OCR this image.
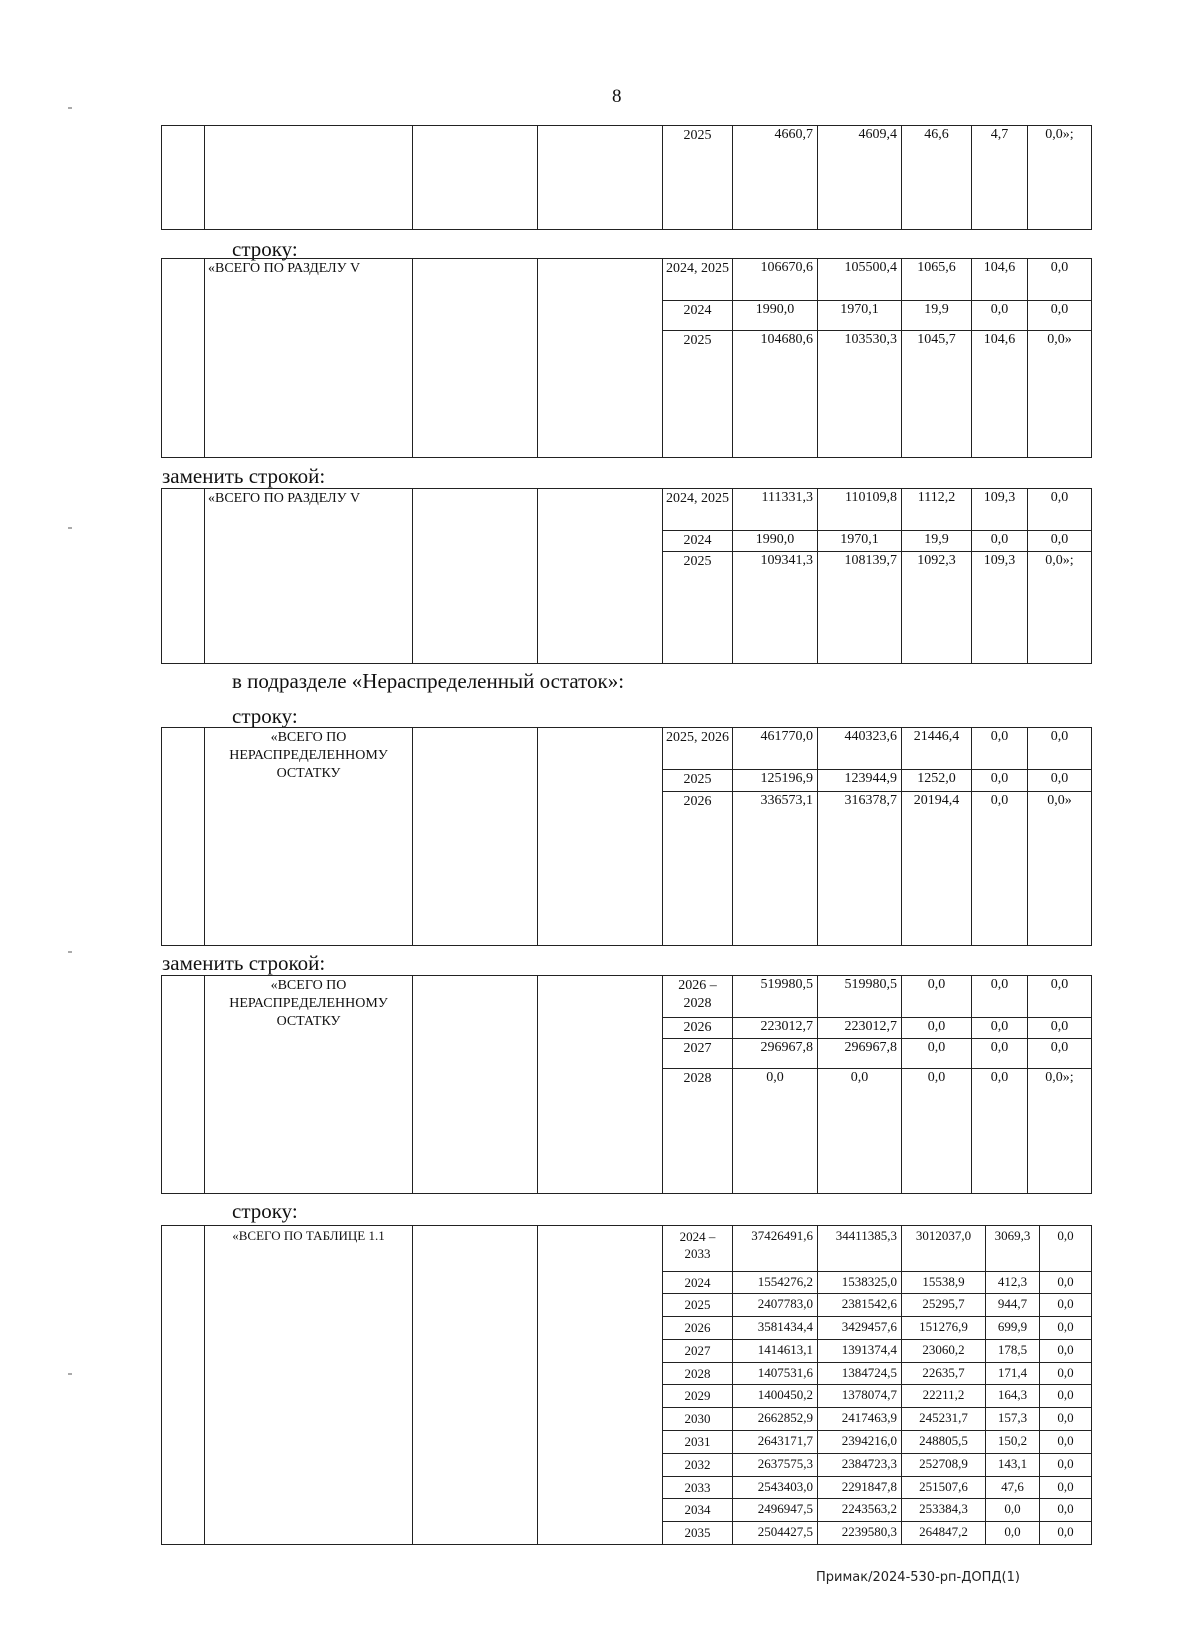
8
строку:
заменить строкой:
в подразделе «Нераспределенный остаток»:
строку:
заменить строкой:
строку:
				2025	4660,7	4609,4	46,6	4,7	0,0»;
	«ВСЕГО ПО РАЗДЕЛУ V			2024, 2025	106670,6	105500,4	1065,6	104,6	0,0
				2024	1990,0	1970,1	19,9	0,0	0,0
				2025	104680,6	103530,3	1045,7	104,6	0,0»
	«ВСЕГО ПО РАЗДЕЛУ V			2024, 2025	111331,3	110109,8	1112,2	109,3	0,0
				2024	1990,0	1970,1	19,9	0,0	0,0
				2025	109341,3	108139,7	1092,3	109,3	0,0»;
	«ВСЕГО ПО НЕРАСПРЕДЕЛЕННОМУ ОСТАТКУ			2025, 2026	461770,0	440323,6	21446,4	0,0	0,0
				2025	125196,9	123944,9	1252,0	0,0	0,0
				2026	336573,1	316378,7	20194,4	0,0	0,0»
	«ВСЕГО ПО НЕРАСПРЕДЕЛЕННОМУ ОСТАТКУ			2026 – 2028	519980,5	519980,5	0,0	0,0	0,0
				2026	223012,7	223012,7	0,0	0,0	0,0
				2027	296967,8	296967,8	0,0	0,0	0,0
				2028	0,0	0,0	0,0	0,0	0,0»;
	«ВСЕГО ПО ТАБЛИЦЕ 1.1			2024 – 2033	37426491,6	34411385,3	3012037,0	3069,3	0,0
				2024	1554276,2	1538325,0	15538,9	412,3	0,0
				2025	2407783,0	2381542,6	25295,7	944,7	0,0
				2026	3581434,4	3429457,6	151276,9	699,9	0,0
				2027	1414613,1	1391374,4	23060,2	178,5	0,0
				2028	1407531,6	1384724,5	22635,7	171,4	0,0
				2029	1400450,2	1378074,7	22211,2	164,3	0,0
				2030	2662852,9	2417463,9	245231,7	157,3	0,0
				2031	2643171,7	2394216,0	248805,5	150,2	0,0
				2032	2637575,3	2384723,3	252708,9	143,1	0,0
				2033	2543403,0	2291847,8	251507,6	47,6	0,0
				2034	2496947,5	2243563,2	253384,3	0,0	0,0
				2035	2504427,5	2239580,3	264847,2	0,0	0,0
Примак/2024-530-рп-ДОПД(1)
